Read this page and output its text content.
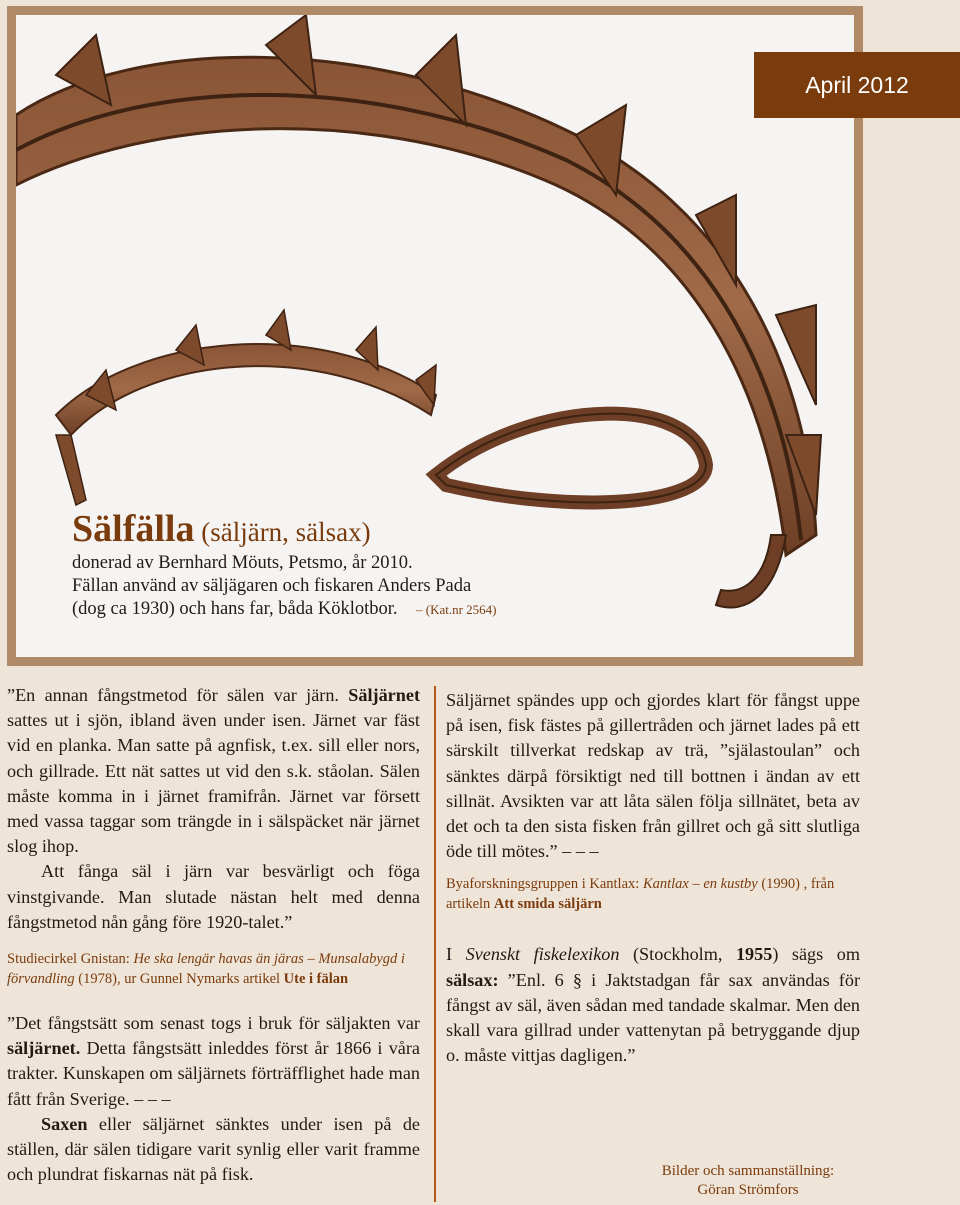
April 2012
Sälfälla (säljärn, sälsax)
donerad av Bernhard Möuts, Petsmo, år 2010.
Fällan använd av säljägaren och fiskaren Anders Pada
(dog ca 1930) och hans far, båda Köklotbor. – (Kat.nr 2564)

”En annan fångstmetod för sälen var järn. Säljärnet sattes ut i sjön, ibland även under isen. Järnet var fäst vid en planka. Man satte på agnfisk, t.ex. sill eller nors, och gillrade. Ett nät sattes ut vid den s.k. ståolan. Sälen måste komma in i järnet framifrån. Järnet var försett med vassa taggar som trängde in i sälspäcket när järnet slog ihop.

Att fånga säl i järn var besvärligt och föga vinstgivande. Man slutade nästan helt med denna fångstmetod nån gång före 1920-talet.”

Studiecirkel Gnistan: He ska lengär havas än järas – Munsalabygd i förvandling (1978), ur Gunnel Nymarks artikel Ute i fälan

”Det fångstsätt som senast togs i bruk för säljakten var säljärnet. Detta fångstsätt inleddes först år 1866 i våra trakter. Kunskapen om säljärnets förträfflighet hade man fått från Sverige. – – –

Saxen eller säljärnet sänktes under isen på de ställen, där sälen tidigare varit synlig eller varit framme och plundrat fiskarnas nät på fisk.

Säljärnet spändes upp och gjordes klart för fångst uppe på isen, fisk fästes på gillertråden och järnet lades på ett särskilt tillverkat redskap av trä, ”själastoulan” och sänktes därpå försiktigt ned till bottnen i ändan av ett sillnät. Avsikten var att låta sälen följa sillnätet, beta av det och ta den sista fisken från gillret och gå sitt slutliga öde till mötes.” – – –

Byaforskningsgruppen i Kantlax: Kantlax – en kustby (1990) , från artikeln Att smida säljärn

I Svenskt fiskelexikon (Stockholm, 1955) sägs om sälsax: ”Enl. 6 § i Jaktstadgan får sax användas för fångst av säl, även sådan med tandade skalmar. Men den skall vara gillrad under vattenytan på betryggande djup o. måste vittjas dagligen.”

Bilder och sammanställning:
Göran Strömfors
